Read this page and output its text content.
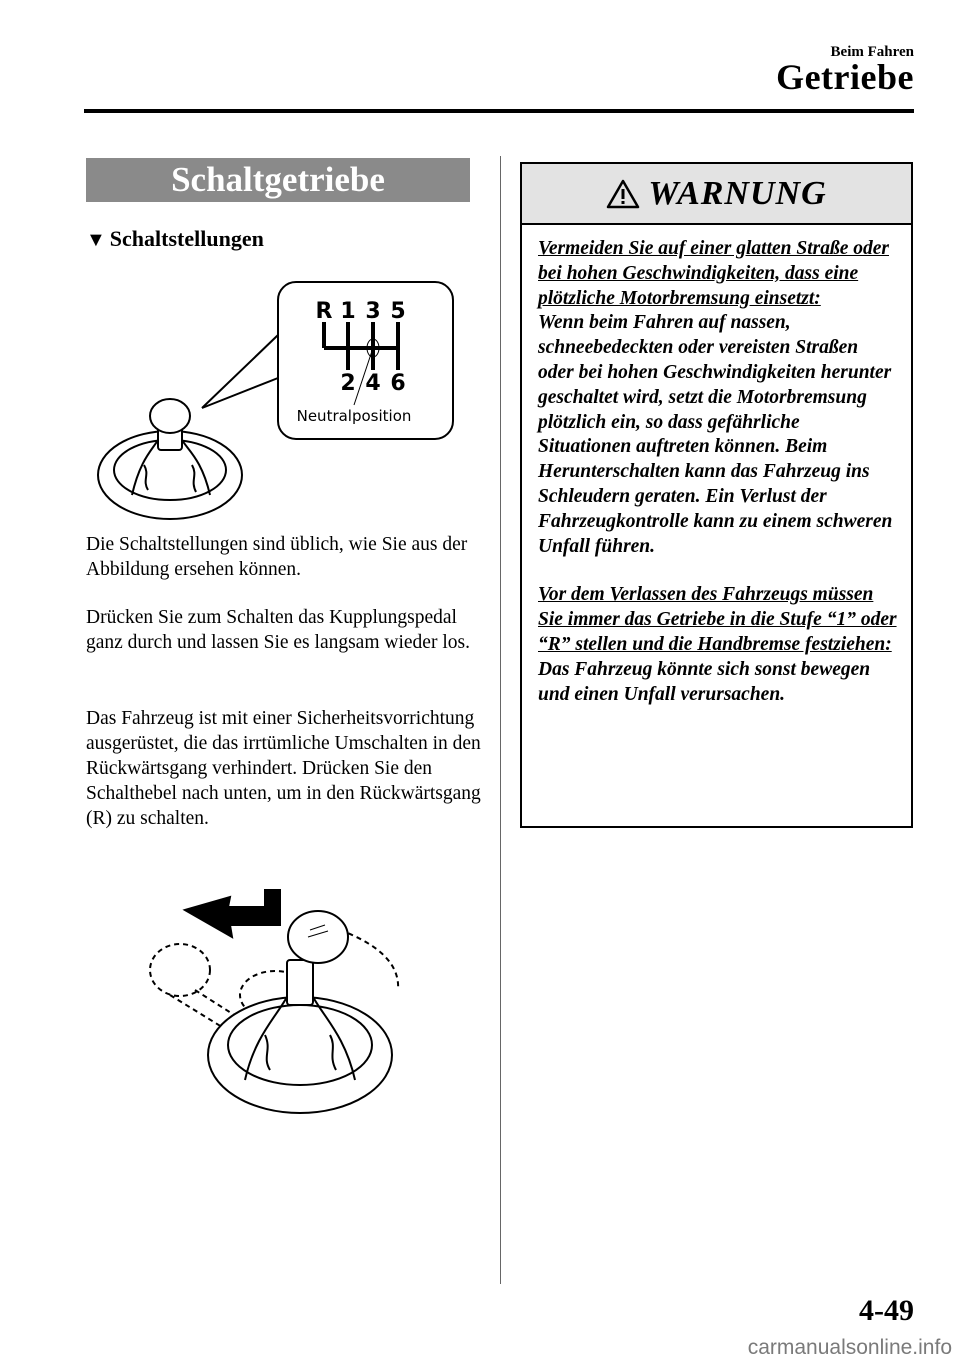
Beim Fahren
Getriebe
Schaltgetriebe
▼ Schaltstellungen
R 1 3 5
2 4 6
Neutralposition

Die Schaltstellungen sind üblich, wie Sie aus der Abbildung ersehen können.

Drücken Sie zum Schalten das Kupplungspedal ganz durch und lassen Sie es langsam wieder los.

Das Fahrzeug ist mit einer Sicherheitsvorrichtung ausgerüstet, die das irrtümliche Umschalten in den Rückwärtsgang verhindert. Drücken Sie den Schalthebel nach unten, um in den Rückwärtsgang (R) zu schalten.

WARNUNG

Vermeiden Sie auf einer glatten Straße oder bei hohen Geschwindigkeiten, dass eine plötzliche Motorbremsung einsetzt:

Wenn beim Fahren auf nassen, schneebedeckten oder vereisten Straßen oder bei hohen Geschwindigkeiten herunter geschaltet wird, setzt die Motorbremsung plötzlich ein, so dass gefährliche Situationen auftreten können. Beim Herunterschalten kann das Fahrzeug ins Schleudern geraten. Ein Verlust der Fahrzeugkontrolle kann zu einem schweren Unfall führen.

Vor dem Verlassen des Fahrzeugs müssen Sie immer das Getriebe in die Stufe “1” oder “R” stellen und die Handbremse festziehen:

Das Fahrzeug könnte sich sonst bewegen und einen Unfall verursachen.

4-49
carmanualsonline.info
